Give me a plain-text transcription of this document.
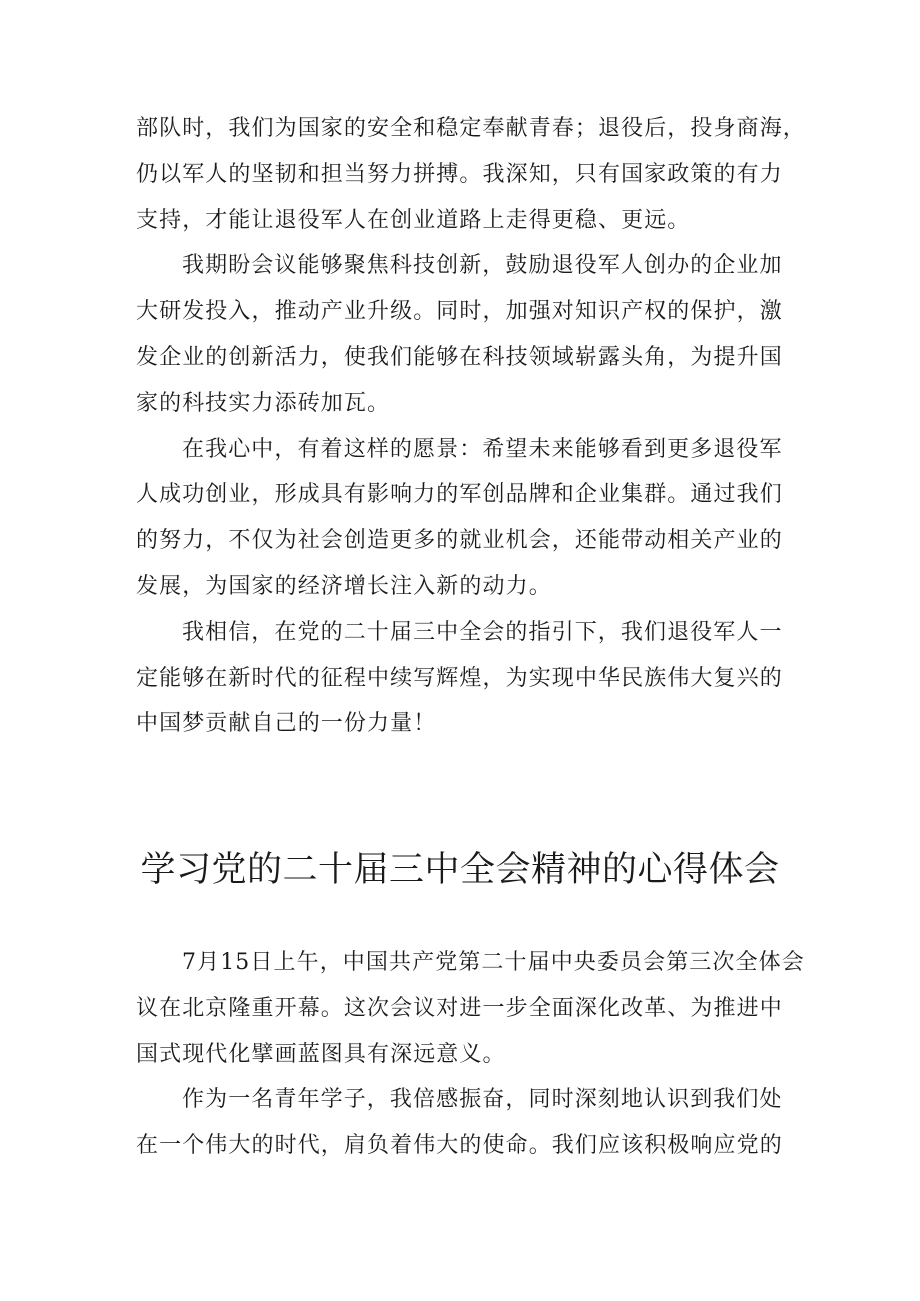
部队时，我们为国家的安全和稳定奉献青春；退役后，投身商海，
仍以军人的坚韧和担当努力拼搏。我深知，只有国家政策的有力
支持，才能让退役军人在创业道路上走得更稳、更远。
我期盼会议能够聚焦科技创新，鼓励退役军人创办的企业加
大研发投入，推动产业升级。同时，加强对知识产权的保护，激
发企业的创新活力，使我们能够在科技领域崭露头角，为提升国
家的科技实力添砖加瓦。
在我心中，有着这样的愿景：希望未来能够看到更多退役军
人成功创业，形成具有影响力的军创品牌和企业集群。通过我们
的努力，不仅为社会创造更多的就业机会，还能带动相关产业的
发展，为国家的经济增长注入新的动力。
我相信，在党的二十届三中全会的指引下，我们退役军人一
定能够在新时代的征程中续写辉煌，为实现中华民族伟大复兴的
中国梦贡献自己的一份力量！
学习党的二十届三中全会精神的心得体会
7月15日上午，中国共产党第二十届中央委员会第三次全体会
议在北京隆重开幕。这次会议对进一步全面深化改革、为推进中
国式现代化擘画蓝图具有深远意义。
作为一名青年学子，我倍感振奋，同时深刻地认识到我们处
在一个伟大的时代，肩负着伟大的使命。我们应该积极响应党的
